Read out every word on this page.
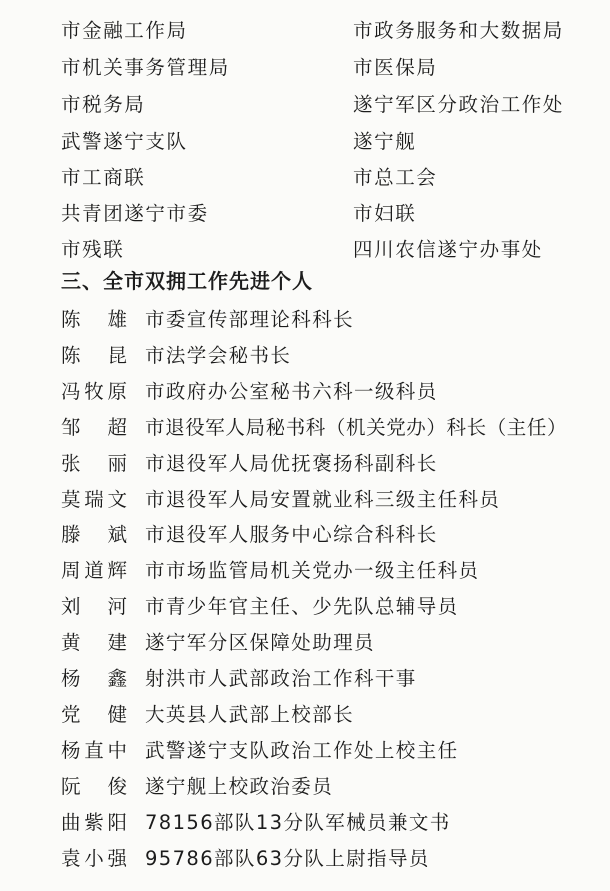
市金融工作局
市机关事务管理局
市税务局
武警遂宁支队
市工商联
共青团遂宁市委
市残联
市政务服务和大数据局
市医保局
遂宁军区分政治工作处
遂宁舰
市总工会
市妇联
四川农信遂宁办事处
三、全市双拥工作先进个人
陈　雄 市委宣传部理论科科长
陈　昆 市法学会秘书长
冯牧原 市政府办公室秘书六科一级科员
邹　超 市退役军人局秘书科（机关党办）科长（主任）
张　丽 市退役军人局优抚褒扬科副科长
莫瑞文 市退役军人局安置就业科三级主任科员
滕　斌 市退役军人服务中心综合科科长
周道辉 市市场监管局机关党办一级主任科员
刘　河 市青少年官主任、少先队总辅导员
黄　建 遂宁军分区保障处助理员
杨　鑫 射洪市人武部政治工作科干事
党　健 大英县人武部上校部长
杨直中 武警遂宁支队政治工作处上校主任
阮　俊 遂宁舰上校政治委员
曲紫阳 78156部队13分队军械员兼文书
袁小强 95786部队63分队上尉指导员
